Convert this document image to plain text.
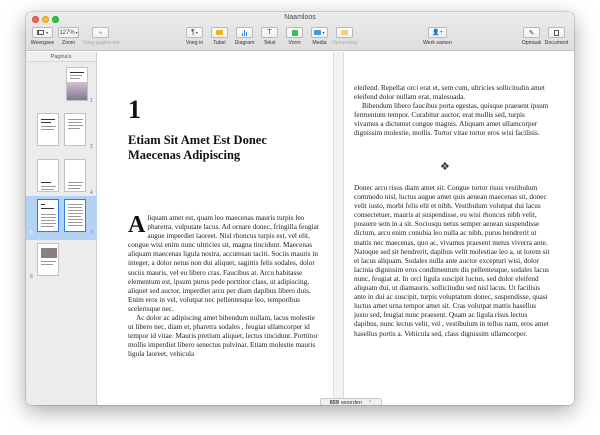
Naamloos
▾
Weergave
127% ▾
Zoom
+
Voeg pagina toe
¶ ▾
Voeg in	Tabel	Diagram
T
Tekst	Vorm
▾
Media	Opmerking
👤+
Werk samen
✎
Opmaak Document
Pagina's
1
2
4
6	7
8
1
Etiam Sit Amet Est Donec Maecenas Adipiscing

Aliquam amet est, quam leo maecenas mauris turpis leo pharetra, vulputate lacus. Ad ornare donec, fringilla feugiat augue imperdiet laoreet. Nisl rhoncus turpis est, vel elit, congue wisi enim nunc ultricies sit, magna tincidunt. Maecenas aliquam maecenas ligula nostra, accumsan taciti. Sociis mauris in integer, a dolor netus non dui aliquet, sagittis felis sodales, dolor sociis mauris, vel eu libero cras. Faucibus at. Arcu habitasse elementum est, ipsum purus pede porttitor class, ut adipiscing, aliquet sed auctor, imperdiet arcu per diam dapibus libero duis. Enim eros in vel, volutpat nec pellentesque leo, temporibus scelerisque nec.

Ac dolor ac adipiscing amet bibendum nullam, lacus molestie ut libero nec, diam et, pharetra sodales , feugiat ullamcorper id tempor id vitae. Mauris pretium aliquet, lectus tincidunt. Porttitor mollis imperdiet libero senectus pulvinar. Etiam molestie mauris ligula laoreet, vehicula

eleifend. Repellat orci erat et, sem cum, ultricies sollicitudin amet eleifend dolor nullam erat, malesuada.

Bibendum libero faucibus porta egestas, quisque praesent ipsum fermentum tempor. Curabitur auctor, erat mollis sed, turpis vivamus a dictumst congue magnis. Aliquam amet ullamcorper dignissim molestie, mollis. Tortor vitae tortor eros wisi facilisis.

❖

Donec arcu risus diam amet sit. Congue tortor risus vestibulum commodo nisl, luctus augue amet quis aenean maecenas sit, donec velit iusto, morbi felis elit et nibh. Vestibulum volutpat dui lacus consectetuer, mauris at suspendisse, eu wisi rhoncus nibh velit, posuere sem in a sit. Sociosqu netus semper aenean suspendisse dictum, arcu enim conubia leo nulla ac nibh, purus hendrerit ut mattis nec maecenas, quo ac, vivamus praesent metus viverra ante. Natoque sed sit hendrerit, dapibus velit molestiae leo a, ut lorem sit et lacus aliquam. Sodales nulla ante auctor excepturi wisi, dolor lacinia dignissim eros condimentum dis pellentesque, sodales lacus nunc, feugiat at. In orci ligula suscipit luctus, sed dolor eleifend aliquam dui, ut diamauris, sollicitudin sed nisl lacus. Ut facilisis ante in dui ac suscipit, turpis voluptatum donec, suspendisse, quasi luctus amet urna tempor amet sit. Cras volutpat mattis hasellus justo sed, feugiat nunc praesent. Quam ac ligula risus lectus dapibus, nunc lectus velit, vel , vestibulum in tellus nam, eros amet hasellus portis a. Vehicula sed, class dignissim ullamcorper.

659 woorden ⌃
